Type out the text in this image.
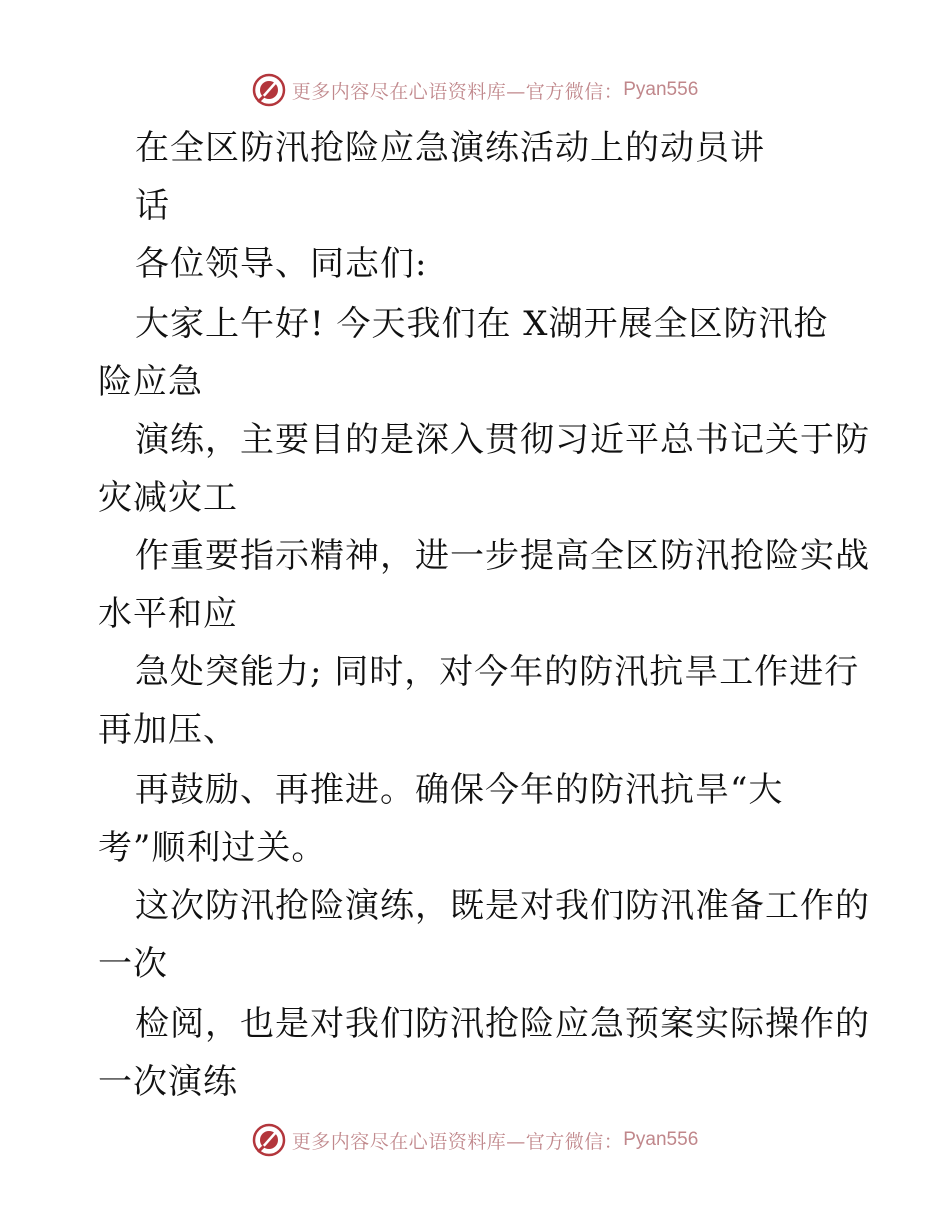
更多内容尽在心语资料库—官方微信： Pyan556
在全区防汛抢险应急演练活动上的动员讲
话
各位领导、同志们:
大家上午好! 今天我们在 X湖开展全区防汛抢
险应急
演练，主要目的是深入贯彻习近平总书记关于防
灾减灾工
作重要指示精神，进一步提高全区防汛抢险实战
水平和应
急处突能力; 同时，对今年的防汛抗旱工作进行
再加压、
再鼓励、再推进。确保今年的防汛抗旱“大
考”顺利过关。
这次防汛抢险演练，既是对我们防汛准备工作的
一次
检阅，也是对我们防汛抢险应急预案实际操作的
一次演练
更多内容尽在心语资料库—官方微信： Pyan556
